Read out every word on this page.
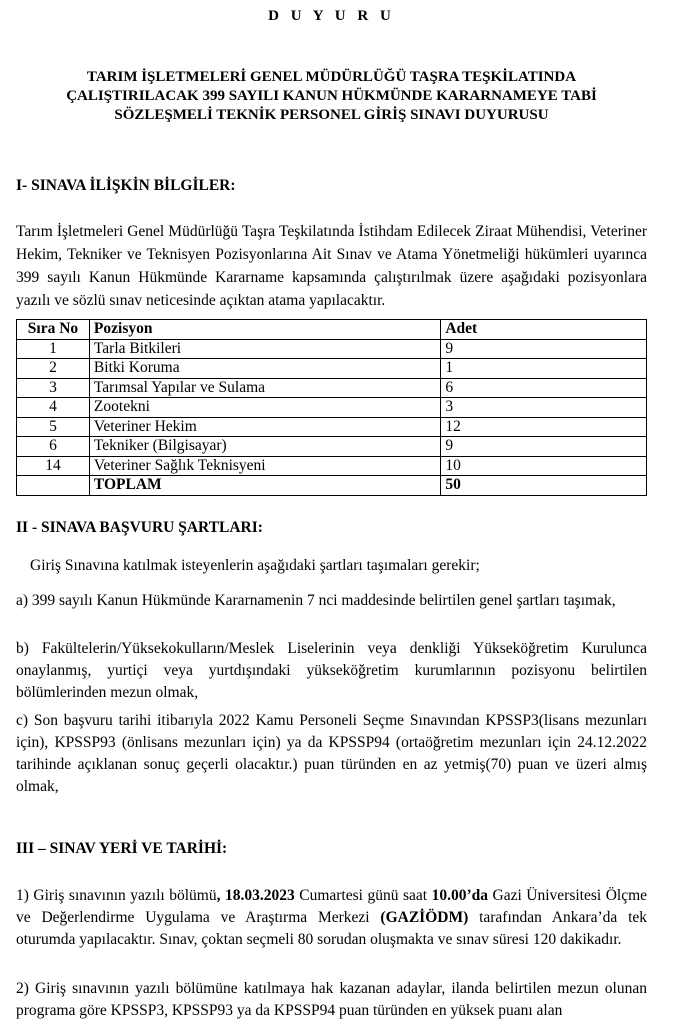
D U Y U R U
TARIM İŞLETMELERİ GENEL MÜDÜRLÜĞÜ TAŞRA TEŞKİLATINDA
ÇALIŞTIRILACAK 399 SAYILI KANUN HÜKMÜNDE KARARNAMEYE TABİ
SÖZLEŞMELİ TEKNİK PERSONEL GİRİŞ SINAVI DUYURUSU
I- SINAVA İLİŞKİN BİLGİLER:
Tarım İşletmeleri Genel Müdürlüğü Taşra Teşkilatında İstihdam Edilecek Ziraat Mühendisi, Veteriner Hekim, Tekniker ve Teknisyen Pozisyonlarına Ait Sınav ve Atama Yönetmeliği hükümleri uyarınca 399 sayılı Kanun Hükmünde Kararname kapsamında çalıştırılmak üzere aşağıdaki pozisyonlara yazılı ve sözlü sınav neticesinde açıktan atama yapılacaktır.
Sıra No	Pozisyon	Adet
1	Tarla Bitkileri	9
2	Bitki Koruma	1
3	Tarımsal Yapılar ve Sulama	6
4	Zootekni	3
5	Veteriner Hekim	12
6	Tekniker (Bilgisayar)	9
14	Veteriner Sağlık Teknisyeni	10
	TOPLAM	50
II - SINAVA BAŞVURU ŞARTLARI:
Giriş Sınavına katılmak isteyenlerin aşağıdaki şartları taşımaları gerekir;
a) 399 sayılı Kanun Hükmünde Kararnamenin 7 nci maddesinde belirtilen genel şartları taşımak,
b) Fakültelerin/Yüksekokulların/Meslek Liselerinin veya denkliği Yükseköğretim Kurulunca onaylanmış, yurtiçi veya yurtdışındaki yükseköğretim kurumlarının pozisyonu belirtilen bölümlerinden mezun olmak,
c) Son başvuru tarihi itibarıyla 2022 Kamu Personeli Seçme Sınavından KPSSP3(lisans mezunları için), KPSSP93 (önlisans mezunları için) ya da KPSSP94 (ortaöğretim mezunları için 24.12.2022 tarihinde açıklanan sonuç geçerli olacaktır.) puan türünden en az yetmiş(70) puan ve üzeri almış olmak,
III – SINAV YERİ VE TARİHİ:
1) Giriş sınavının yazılı bölümü, 18.03.2023 Cumartesi günü saat 10.00’da Gazi Üniversitesi Ölçme ve Değerlendirme Uygulama ve Araştırma Merkezi (GAZİÖDM) tarafından Ankara’da tek oturumda yapılacaktır. Sınav, çoktan seçmeli 80 sorudan oluşmakta ve sınav süresi 120 dakikadır.
2) Giriş sınavının yazılı bölümüne katılmaya hak kazanan adaylar, ilanda belirtilen mezun olunan programa göre KPSSP3, KPSSP93 ya da KPSSP94 puan türünden en yüksek puanı alan
